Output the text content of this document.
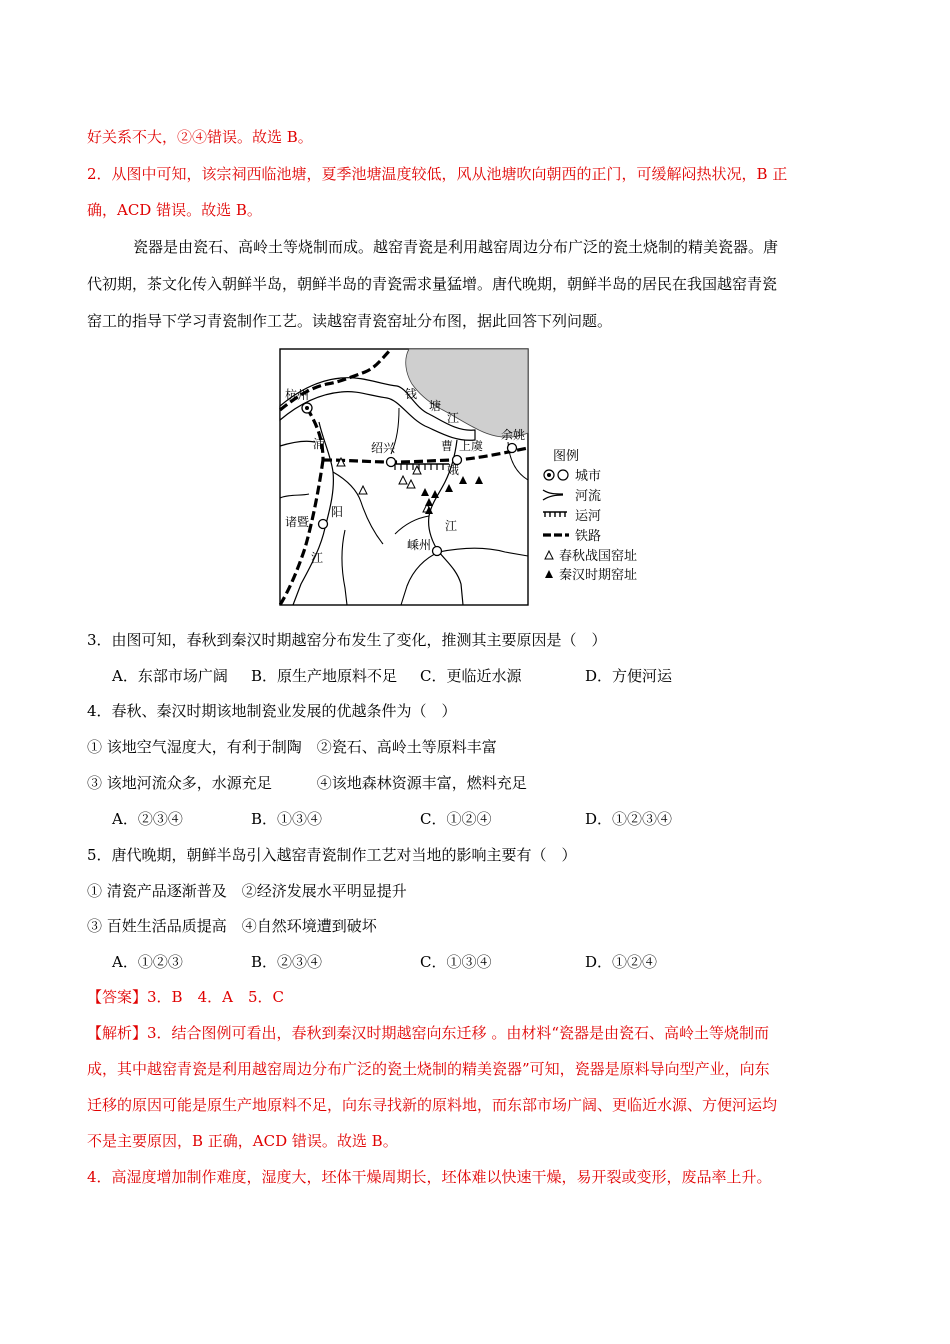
好关系不大，②④错误。故选 B。
2．从图中可知，该宗祠西临池塘，夏季池塘温度较低，风从池塘吹向朝西的正门，可缓解闷热状况，B 正
确，ACD 错误。故选 B。
瓷器是由瓷石、高岭土等烧制而成。越窑青瓷是利用越窑周边分布广泛的瓷土烧制的精美瓷器。唐
代初期，茶文化传入朝鲜半岛，朝鲜半岛的青瓷需求量猛增。唐代晚期，朝鲜半岛的居民在我国越窑青瓷
窑工的指导下学习青瓷制作工艺。读越窑青瓷窑址分布图，据此回答下列问题。
杭州
绍兴	上虞
余姚
诸暨
嵊州
钱
塘
江
浦
阳
江
曹
娥
江
图例
城市
河流
运河
铁路
春秋战国窑址
秦汉时期窑址
3．由图可知，春秋到秦汉时期越窑分布发生了变化，推测其主要原因是（　）
A．东部市场广阔 B．原生产地原料不足 C．更临近水源	D．方便河运
4．春秋、秦汉时期该地制瓷业发展的优越条件为（　）
① 该地空气湿度大，有利于制陶　②瓷石、高岭土等原料丰富
③ 该地河流众多，水源充足　　　④该地森林资源丰富，燃料充足
A．②③④	B．①③④	C．①②④	D．①②③④
5．唐代晚期，朝鲜半岛引入越窑青瓷制作工艺对当地的影响主要有（　）
① 清瓷产品逐渐普及　②经济发展水平明显提升
③ 百姓生活品质提高　④自然环境遭到破坏
A．①②③	B．②③④	C．①③④	D．①②④
【答案】3．B　4．A　5．C
【解析】3．结合图例可看出，春秋到秦汉时期越窑向东迁移 。由材料“瓷器是由瓷石、高岭土等烧制而
成，其中越窑青瓷是利用越窑周边分布广泛的瓷土烧制的精美瓷器”可知，瓷器是原料导向型产业，向东
迁移的原因可能是原生产地原料不足，向东寻找新的原料地，而东部市场广阔、更临近水源、方便河运均
不是主要原因，B 正确，ACD 错误。故选 B。
4．高湿度增加制作难度，湿度大，坯体干燥周期长，坯体难以快速干燥，易开裂或变形，废品率上升。
